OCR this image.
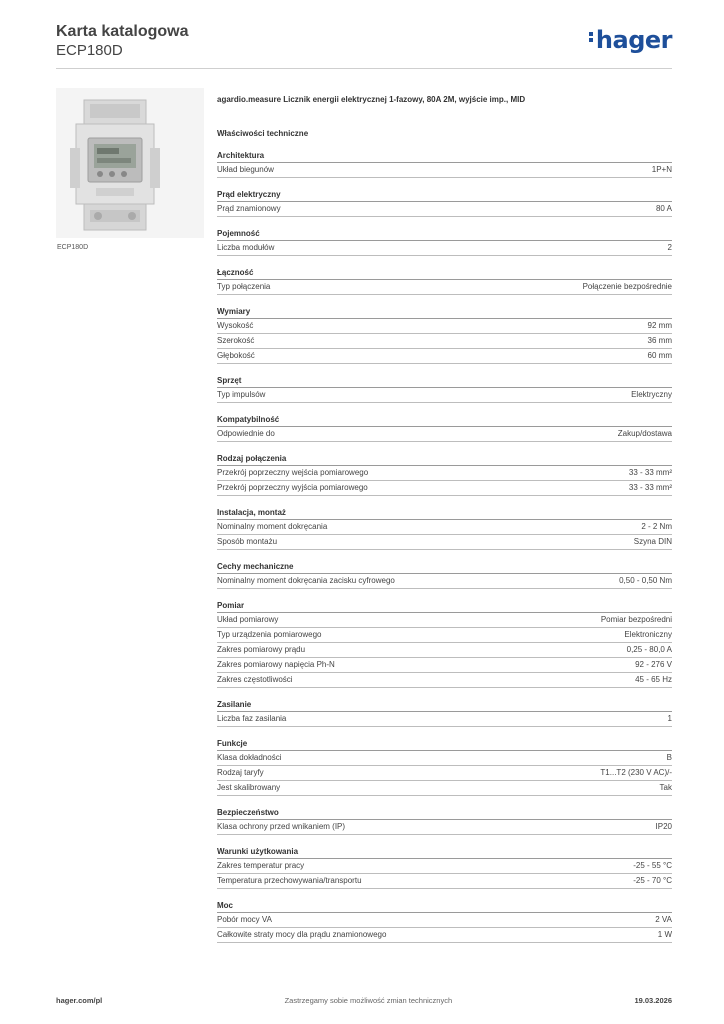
Karta katalogowa
ECP180D	hager
ECP180D
agardio.measure Licznik energii elektrycznej 1-fazowy, 80A 2M, wyjście imp., MID
Właściwości techniczne
Architektura
Układ biegunów	1P+N
Prąd elektryczny
Prąd znamionowy	80 A
Pojemność
Liczba modułów	2
Łączność
Typ połączenia	Połączenie bezpośrednie
Wymiary
Wysokość	92 mm
Szerokość	36 mm
Głębokość	60 mm
Sprzęt
Typ impulsów	Elektryczny
Kompatybilność
Odpowiednie do	Zakup/dostawa
Rodzaj połączenia
Przekrój poprzeczny wejścia pomiarowego	33 - 33 mm²
Przekrój poprzeczny wyjścia pomiarowego	33 - 33 mm²
Instalacja, montaż
Nominalny moment dokręcania	2 - 2 Nm
Sposób montażu	Szyna DIN
Cechy mechaniczne
Nominalny moment dokręcania zacisku cyfrowego	0,50 - 0,50 Nm
Pomiar
Układ pomiarowy	Pomiar bezpośredni
Typ urządzenia pomiarowego	Elektroniczny
Zakres pomiarowy prądu	0,25 - 80,0 A
Zakres pomiarowy napięcia Ph-N	92 - 276 V
Zakres częstotliwości	45 - 65 Hz
Zasilanie
Liczba faz zasilania	1
Funkcje
Klasa dokładności	B
Rodzaj taryfy	T1...T2 (230 V AC)/-
Jest skalibrowany	Tak
Bezpieczeństwo
Klasa ochrony przed wnikaniem (IP)	IP20
Warunki użytkowania
Zakres temperatur pracy	-25 - 55 °C
Temperatura przechowywania/transportu	-25 - 70 °C
Moc
Pobór mocy VA	2 VA
Całkowite straty mocy dla prądu znamionowego	1 W
hager.com/pl	Zastrzegamy sobie możliwość zmian technicznych	19.03.2026
